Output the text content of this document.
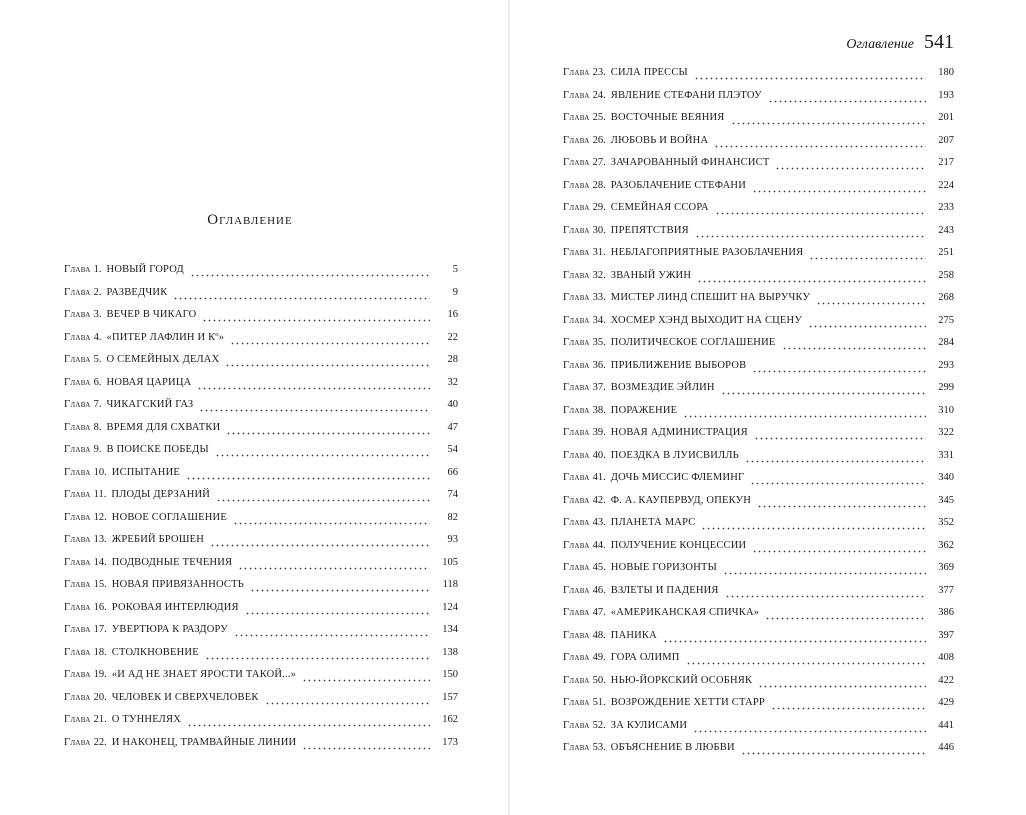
Оглавление
Глава 1. НОВЫЙ ГОРОД	5
Глава 2. РАЗВЕДЧИК	9
Глава 3. ВЕЧЕР В ЧИКАГО	16
Глава 4. «ПИТЕР ЛАФЛИН И Кº»	22
Глава 5. О СЕМЕЙНЫХ ДЕЛАХ	28
Глава 6. НОВАЯ ЦАРИЦА	32
Глава 7. ЧИКАГСКИЙ ГАЗ	40
Глава 8. ВРЕМЯ ДЛЯ СХВАТКИ	47
Глава 9. В ПОИСКЕ ПОБЕДЫ	54
Глава 10. ИСПЫТАНИЕ	66
Глава 11. ПЛОДЫ ДЕРЗАНИЙ	74
Глава 12. НОВОЕ СОГЛАШЕНИЕ	82
Глава 13. ЖРЕБИЙ БРОШЕН	93
Глава 14. ПОДВОДНЫЕ ТЕЧЕНИЯ	105
Глава 15. НОВАЯ ПРИВЯЗАННОСТЬ	118
Глава 16. РОКОВАЯ ИНТЕРЛЮДИЯ	124
Глава 17. УВЕРТЮРА К РАЗДОРУ	134
Глава 18. СТОЛКНОВЕНИЕ	138
Глава 19. «И АД НЕ ЗНАЕТ ЯРОСТИ ТАКОЙ...»	150
Глава 20. ЧЕЛОВЕК И СВЕРХЧЕЛОВЕК	157
Глава 21. О ТУННЕЛЯХ	162
Глава 22. И НАКОНЕЦ, ТРАМВАЙНЫЕ ЛИНИИ	173
Оглавление 541
Глава 23. СИЛА ПРЕССЫ	180
Глава 24. ЯВЛЕНИЕ СТЕФАНИ ПЛЭТОУ	193
Глава 25. ВОСТОЧНЫЕ ВЕЯНИЯ	201
Глава 26. ЛЮБОВЬ И ВОЙНА	207
Глава 27. ЗАЧАРОВАННЫЙ ФИНАНСИСТ	217
Глава 28. РАЗОБЛАЧЕНИЕ СТЕФАНИ	224
Глава 29. СЕМЕЙНАЯ ССОРА	233
Глава 30. ПРЕПЯТСТВИЯ	243
Глава 31. НЕБЛАГОПРИЯТНЫЕ РАЗОБЛАЧЕНИЯ	251
Глава 32. ЗВАНЫЙ УЖИН	258
Глава 33. МИСТЕР ЛИНД СПЕШИТ НА ВЫРУЧКУ	268
Глава 34. ХОСМЕР ХЭНД ВЫХОДИТ НА СЦЕНУ	275
Глава 35. ПОЛИТИЧЕСКОЕ СОГЛАШЕНИЕ	284
Глава 36. ПРИБЛИЖЕНИЕ ВЫБОРОВ	293
Глава 37. ВОЗМЕЗДИЕ ЭЙЛИН	299
Глава 38. ПОРАЖЕНИЕ	310
Глава 39. НОВАЯ АДМИНИСТРАЦИЯ	322
Глава 40. ПОЕЗДКА В ЛУИСВИЛЛЬ	331
Глава 41. ДОЧЬ МИССИС ФЛЕМИНГ	340
Глава 42. Ф. А. КАУПЕРВУД, ОПЕКУН	345
Глава 43. ПЛАНЕТА МАРС	352
Глава 44. ПОЛУЧЕНИЕ КОНЦЕССИИ	362
Глава 45. НОВЫЕ ГОРИЗОНТЫ	369
Глава 46. ВЗЛЕТЫ И ПАДЕНИЯ	377
Глава 47. «АМЕРИКАНСКАЯ СПИЧКА»	386
Глава 48. ПАНИКА	397
Глава 49. ГОРА ОЛИМП	408
Глава 50. НЬЮ-ЙОРКСКИЙ ОСОБНЯК	422
Глава 51. ВОЗРОЖДЕНИЕ ХЕТТИ СТАРР	429
Глава 52. ЗА КУЛИСАМИ	441
Глава 53. ОБЪЯСНЕНИЕ В ЛЮБВИ	446
